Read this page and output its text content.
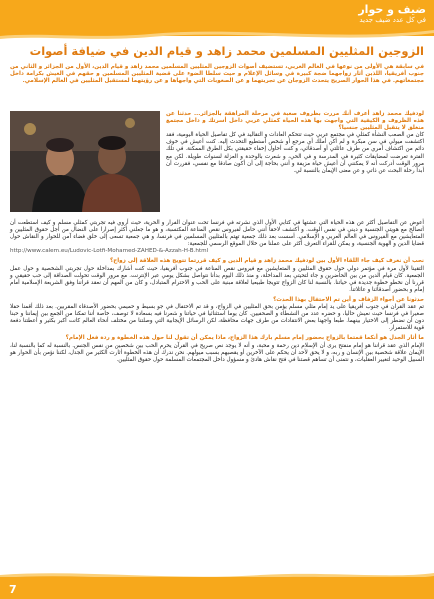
ضيف و حوار
في كل عدد ضيف جديد
الزوجين المثليين المسلمين محمد زاهد و قيام الدين في ضيافة أصوات

في سابقة هي الأولى من نوعها في العالم العربي، تستضيف أصوات الزوجين المثليين المسلمين محمد زاهد و قيام الدين، الأول من الجزائر و الثاني من جنوب أفريقيا، اللذين أثار زواجهما ضجة كبيرة في وسائل الإعلام و حيث سلطا الضوء على قضية المثليين المسلمين و حقهم في العيش بكرامة داخل مجتمعاتهم. في هذا الحوار الصريح يتحدث الزوجان عن تجربتهما و عن الصعوبات التي واجهاها و عن رؤيتهما لمستقبل المثليين في العالم الإسلامي.

لودفيك محمد زاهد أعرف أنك مررت بظروف صعبة في مرحلة المراهقة بالجزائر... حدثنا عن هذه الظروف و الكيفية التي واجهت بها هذه الحياة كمثلي عربي داخل أسرتك و داخل مجتمع منغلق لا يتقبل المثليين جنسيا؟

كان من الصعب النشأة كمثلي في مجتمع عربي حيث تتحكم العادات و التقاليد في كل تفاصيل الحياة اليومية، فقد اكتشفت ميولي في سن مبكرة و لم أكن أملك أي مرجع أو شخص أستطيع التحدث إليه. كنت أعيش في خوف دائم من اكتشاف أمري من طرف عائلتي أو أصدقائي، و كنت أحاول إخفاء حقيقتي بكل الطرق الممكنة. في تلك الفترة تعرضت لمضايقات كثيرة في المدرسة و في الحي، و شعرت بالوحدة و العزلة لسنوات طويلة. لكن مع مرور الوقت أدركت أنه لا يمكنني أن أعيش حياة مزيفة و أنني بحاجة إلى أن أكون صادقا مع نفسي، فقررت أن أبدأ رحلة البحث عن ذاتي و عن معنى الإيمان بالنسبة لي.

أعوض عن التفاصيل أكثر عن هذه الحياة التي عشتها في كتابي الأول الذي نشرته في فرنسا تحت عنوان الفرار و الحرية، حيث أروي فيه تجربتي كمثلي مسلم و كيف استطعت أن أتصالح مع هويتي الجنسية و ديني في نفس الوقت. و أكتشف لاحقا أنني حامل لفيروس نقص المناعة المكتسبة، و هو ما جعلني أكثر إصرارا على النضال من أجل حقوق المثليين و المتعايشين مع الفيروس في العالم العربي و الإسلامي. أسست بعد ذلك جمعية تهتم بالمثليين المسلمين في فرنسا، و هي جمعية تسعى إلى خلق فضاء آمن للحوار و النقاش حول قضايا الدين و الهوية الجنسية، و يمكن للقراء التعرف أكثر على عملنا من خلال الموقع الرسمي للجمعية:

http://www.calem.eu/Ludovic-Lotfi-Mohamed-ZAHED-&-Azzah-H-B.html

نحب أن نعرف كيف جاء اللقاء الأول بين لودفيك محمد زاهد و قيام الدين و كيف قررتما تتويج هذه العلاقة إلى زواج؟

التقينا لأول مرة في مؤتمر دولي حول حقوق المثليين و المتعايشين مع فيروس نقص المناعة في جنوب أفريقيا، حيث كنت أشارك بمداخلة حول تجربتي الشخصية و حول عمل الجمعية. كان قيام الدين من بين الحاضرين و جاء لتحيتي بعد المداخلة، و منذ ذلك اليوم بدأنا نتواصل بشكل يومي عبر الإنترنت. مع مرور الوقت تحولت الصداقة إلى حب حقيقي و قررنا أن نخطو خطوة جديدة في حياتنا. بالنسبة لنا كان الزواج تتويجا طبيعيا لعلاقة مبنية على الحب و الاحترام المتبادل، و كان من المهم أن نعقد قراننا وفق الشريعة الإسلامية أمام إمام و بحضور أصدقائنا و عائلاتنا.

حدثونا عن أجواء الزفاف و أين تم الاحتفال بهذا الحدث؟

تم عقد القران في جنوب أفريقيا على يد إمام مثلي مسلم يؤمن بحق المثليين في الزواج، و قد تم الاحتفال في جو بسيط و حميمي بحضور الأصدقاء المقربين. بعد ذلك أقمنا حفلا صغيرا في فرنسا حيث نعيش حاليا، و حضره عدد من النشطاء و الصحفيين. كان يوما استثنائيا في حياتنا و شعرنا فيه بسعادة لا توصف، خاصة أننا تمكنا من الجمع بين إيماننا و حبنا دون أن نضطر إلى الاختيار بينهما. طبعا واجهنا بعض الانتقادات من طرف جهات محافظة، لكن الرسائل الإيجابية التي وصلتنا من مختلف أنحاء العالم كانت أكبر بكثير و أعطتنا دفعة قوية للاستمرار.

ما أثار الجدل هو أنكما قمتما بالزواج بحضور إمام مسلم بارك هذا الزواج، ماذا يمكن أن تقول لنا حول هذه الخطوة و ردة فعل الإمام؟

الإمام الذي عقد قراننا هو إمام منفتح يرى أن الإسلام دين رحمة و محبة، و أنه لا يوجد نص صريح في القرآن يحرم الحب بين شخصين من نفس الجنس. بالنسبة له كما بالنسبة لنا، الإيمان علاقة شخصية بين الإنسان و ربه، و لا يحق لأحد أن يحكم على الآخرين أو يقصيهم بسبب ميولهم. نحن ندرك أن هذه الخطوة أثارت الكثير من الجدل، لكننا نؤمن بأن الحوار هو السبيل الوحيد لتغيير العقليات، و نتمنى أن تساهم قصتنا في فتح نقاش هادئ و مسؤول داخل المجتمعات المسلمة حول حقوق المثليين.

7
